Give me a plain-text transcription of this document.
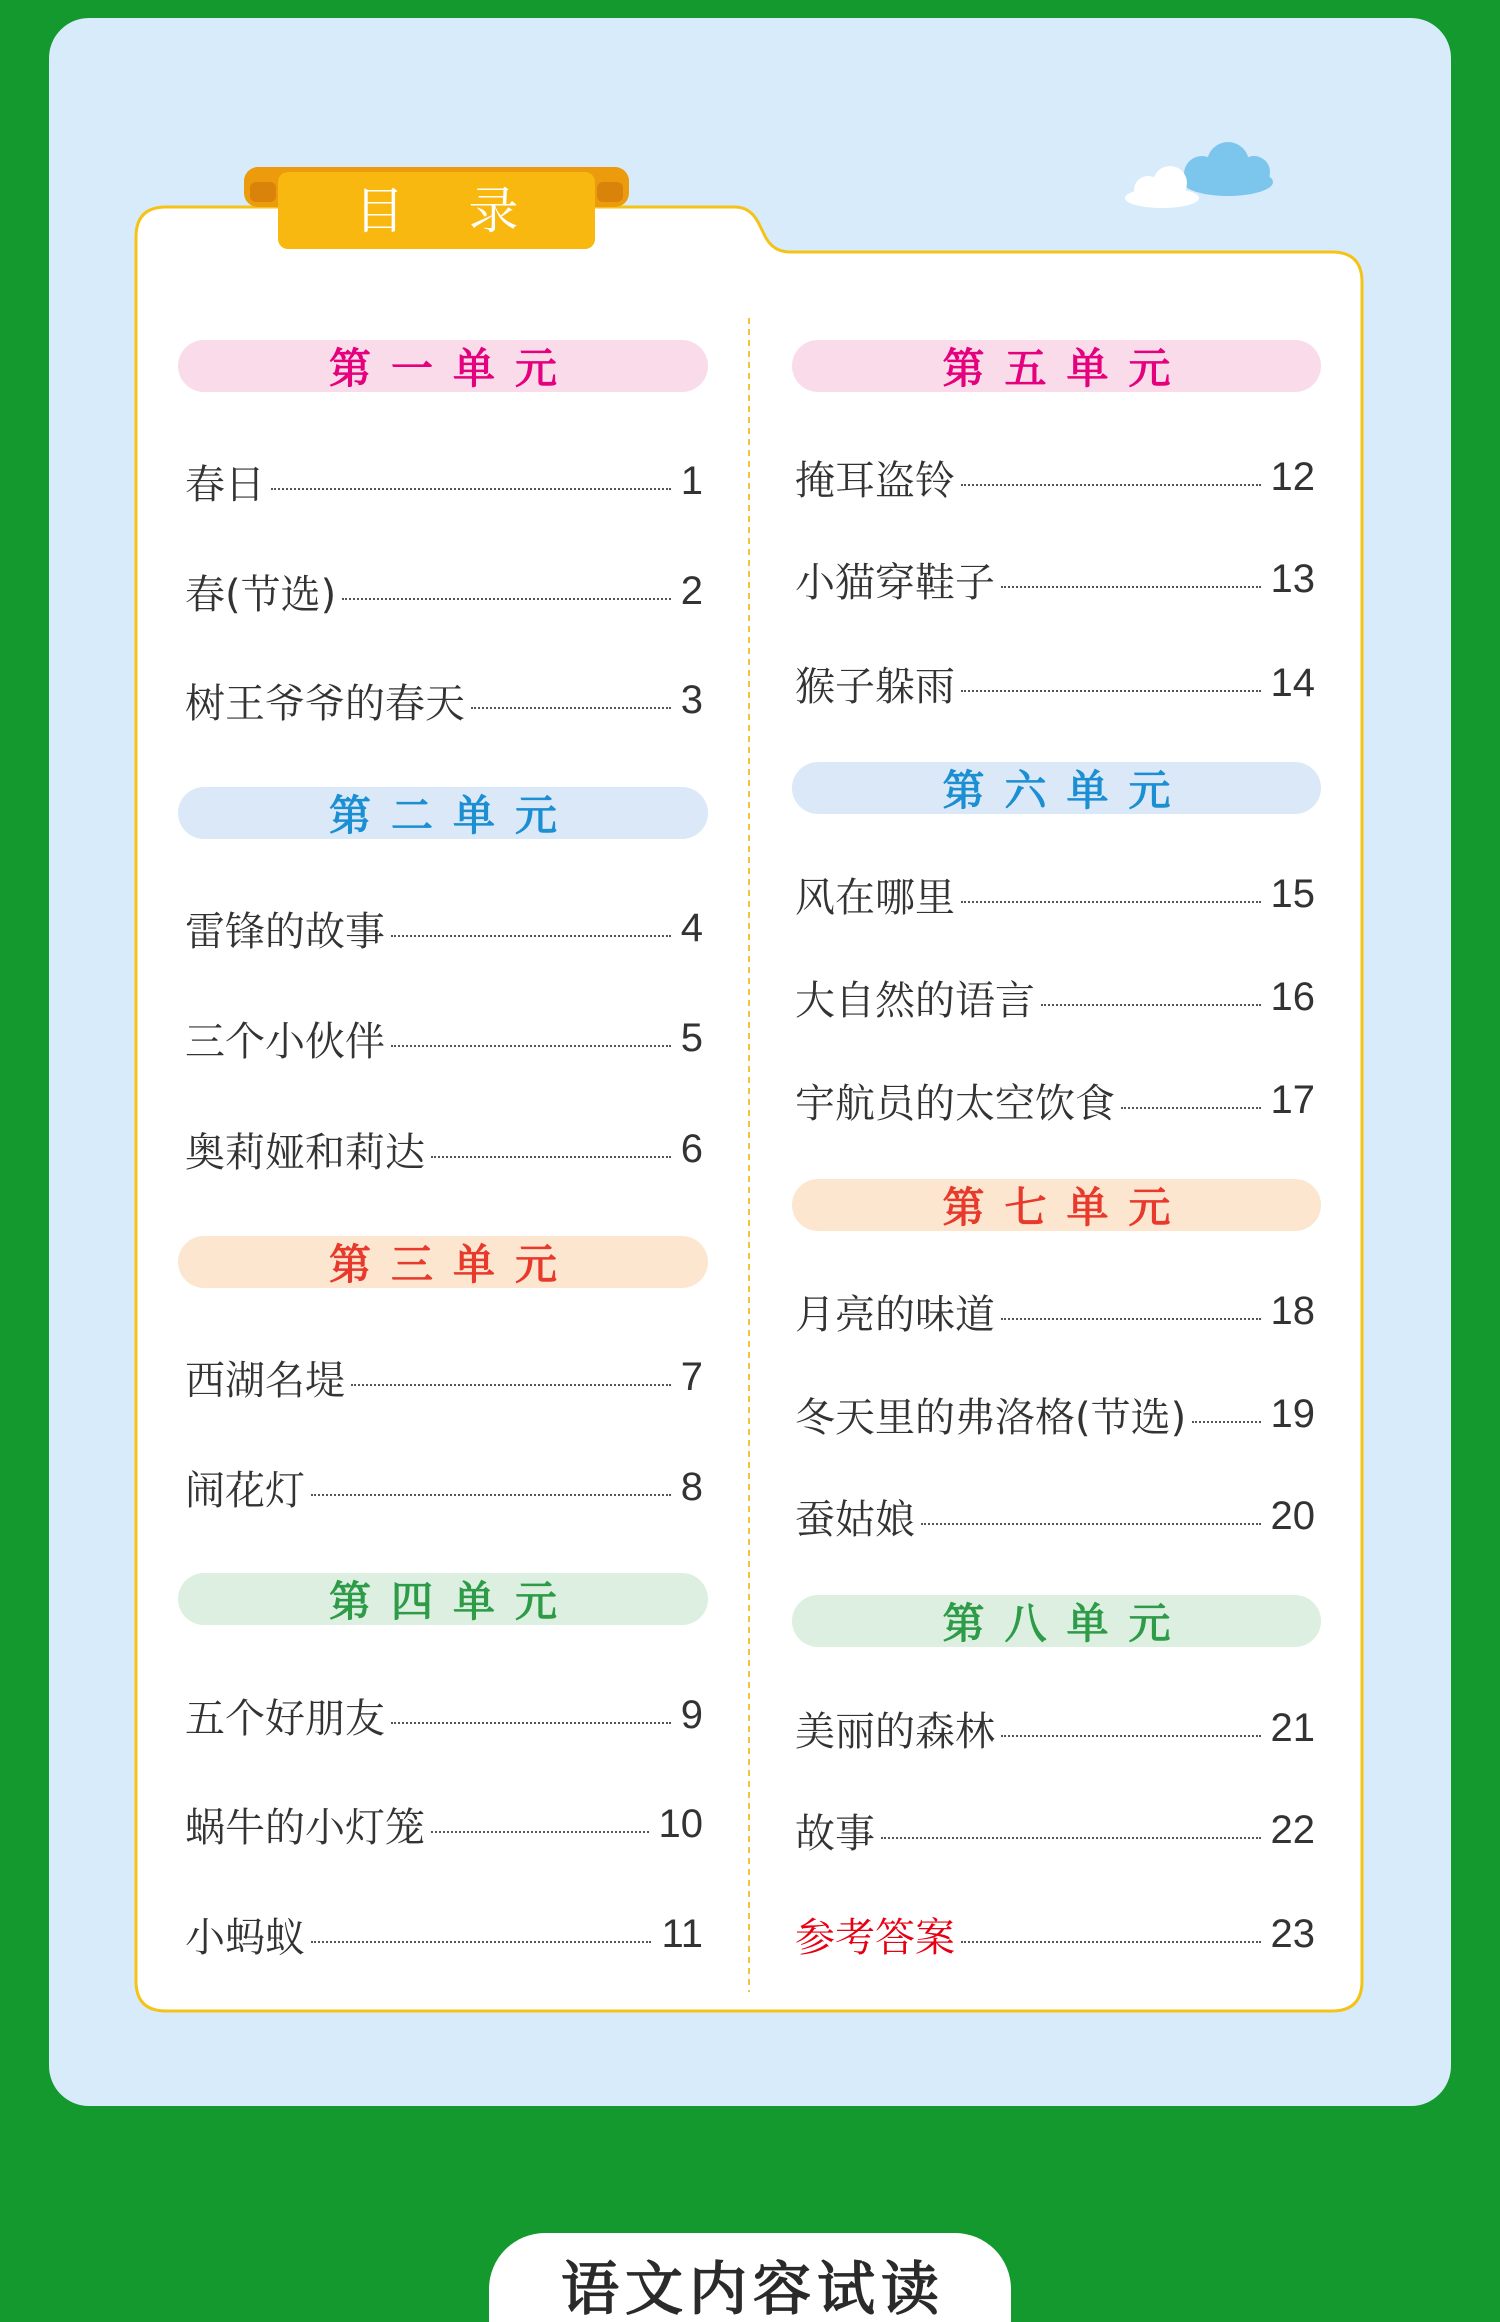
目录
第一单元
春日	1
春(节选)	2
树王爷爷的春天	3
第二单元
雷锋的故事	4
三个小伙伴	5
奥莉娅和莉达	6
第三单元
西湖名堤	7
闹花灯	8
第四单元
五个好朋友	9
蜗牛的小灯笼	10
小蚂蚁	11
第五单元
掩耳盗铃	12
小猫穿鞋子	13
猴子躲雨	14
第六单元
风在哪里	15
大自然的语言	16
宇航员的太空饮食	17
第七单元
月亮的味道	18
冬天里的弗洛格(节选) 19
蚕姑娘	20
第八单元
美丽的森林	21
故事	22
参考答案	23
语文内容试读
